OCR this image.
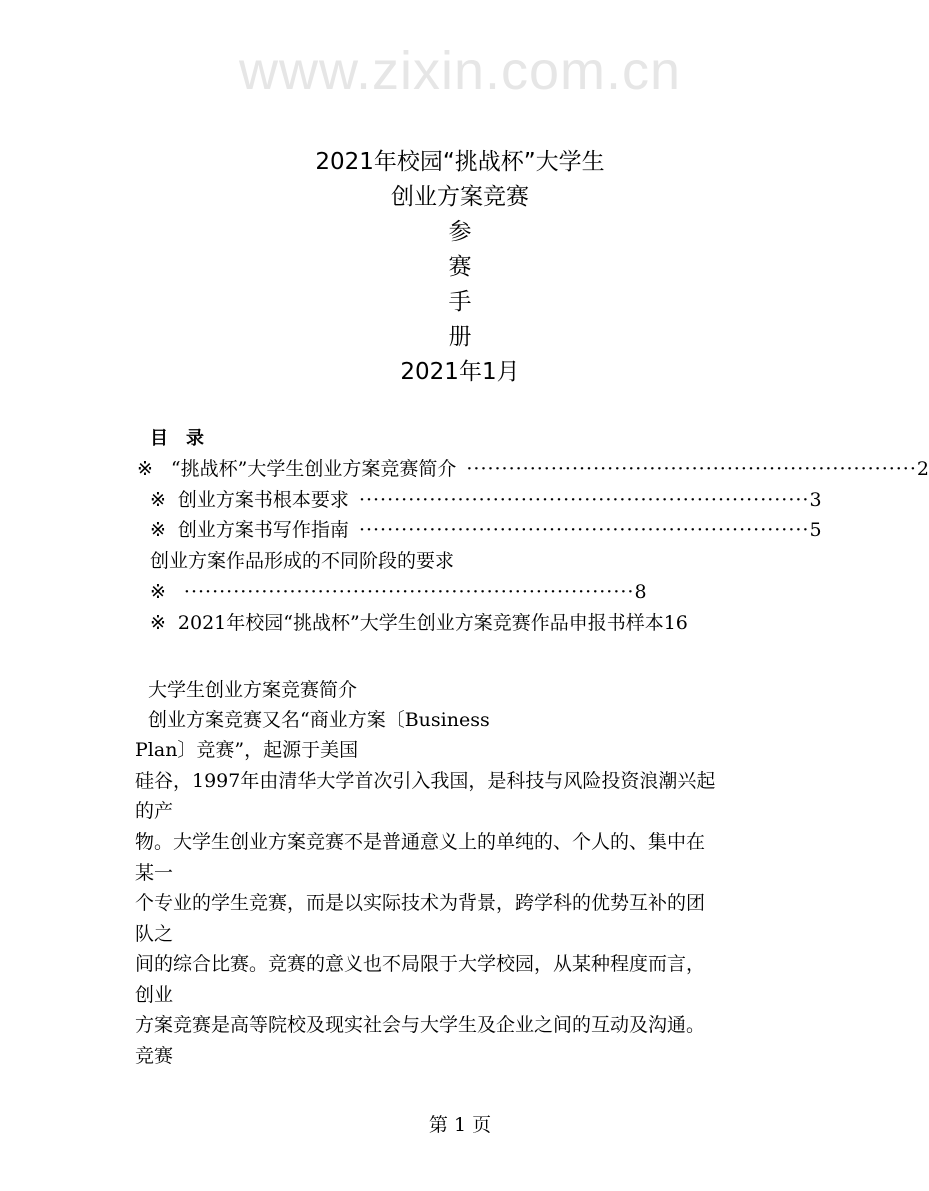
www.zixin.com.cn
2021年校园“挑战杯”大学生
创业方案竞赛
参
赛
手
册
2021年1月
目　录
※ “挑战杯”大学生创业方案竞赛简介 ································································ 2
※ 创业方案书根本要求 ································································ 3
※ 创业方案书写作指南 ································································ 5
创业方案作品形成的不同阶段的要求
※ ································································ 8
※ 2021年校园“挑战杯”大学生创业方案竞赛作品申报书样本 16
大学生创业方案竞赛简介
创业方案竞赛又名“商业方案〔Business
Plan〕竞赛”，起源于美国
硅谷，1997年由清华大学首次引入我国，是科技与风险投资浪潮兴起
的产
物。大学生创业方案竞赛不是普通意义上的单纯的、个人的、集中在
某一
个专业的学生竞赛，而是以实际技术为背景，跨学科的优势互补的团
队之
间的综合比赛。竞赛的意义也不局限于大学校园，从某种程度而言，
创业
方案竞赛是高等院校及现实社会与大学生及企业之间的互动及沟通。
竞赛
第 1 页
